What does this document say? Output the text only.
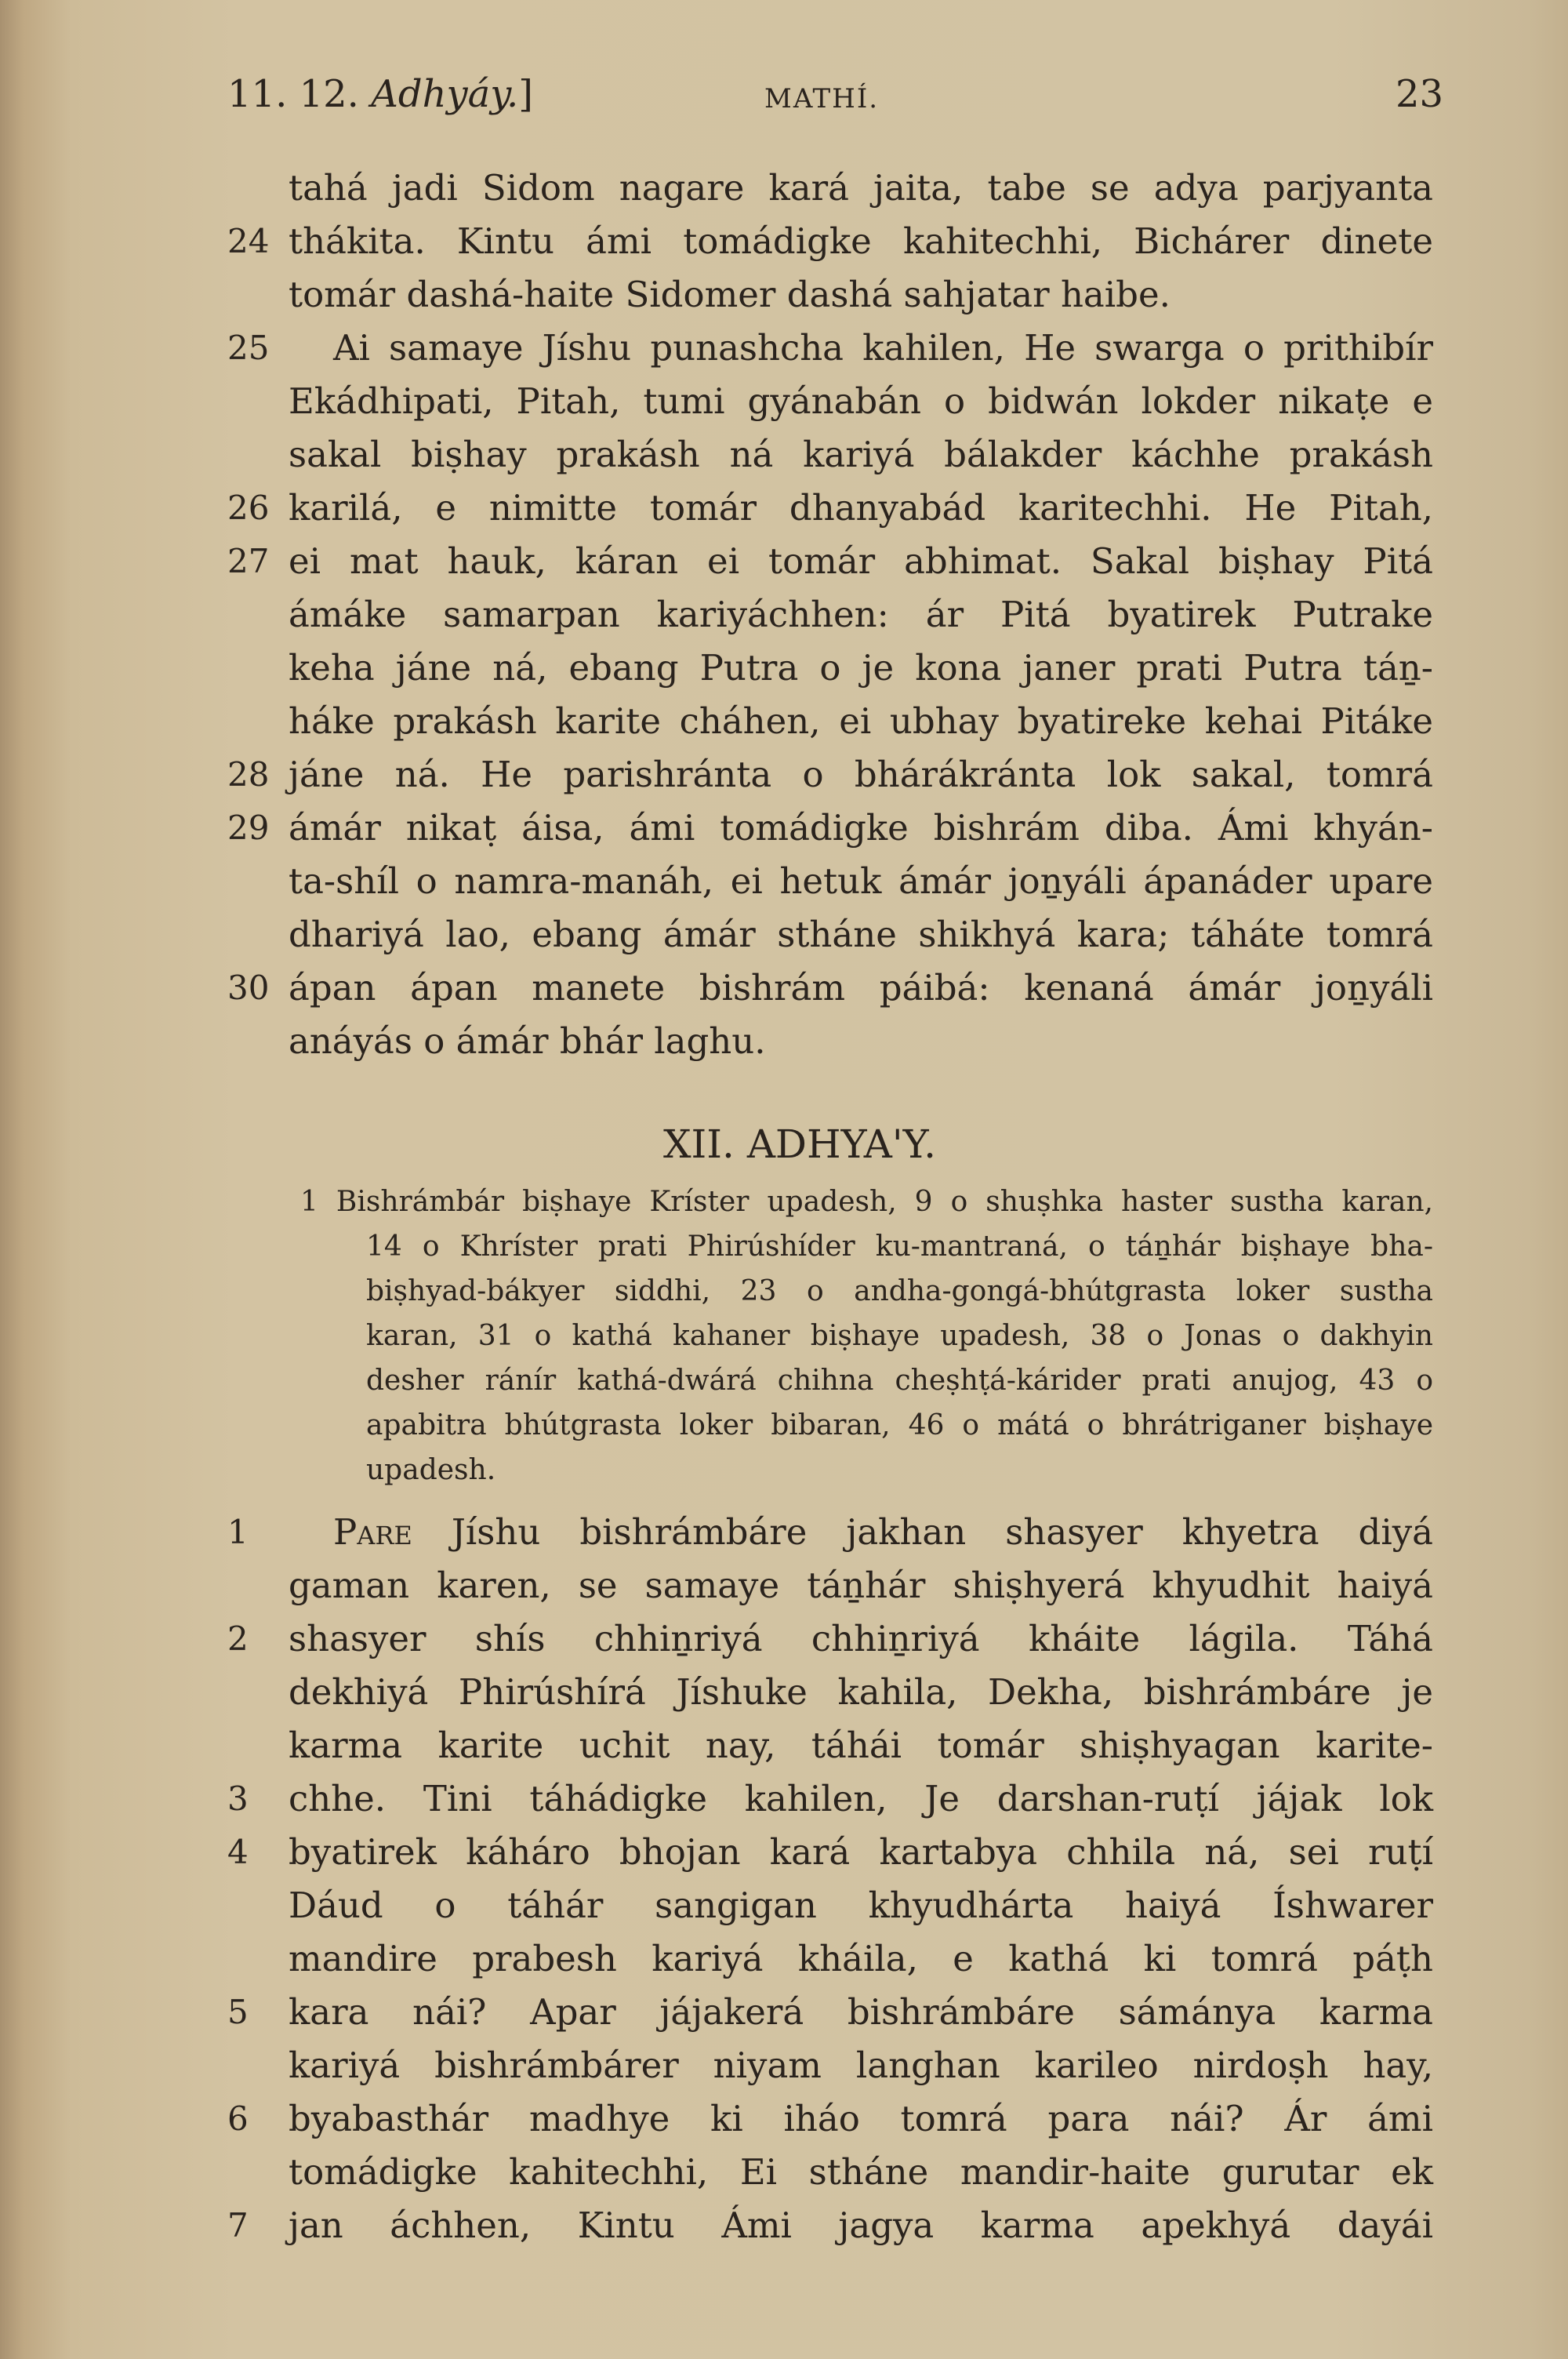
11. 12. Adhyáy.]	MATHÍ.	23
tahá jadi Sidom nagare kará jaita, tabe se adya parjyanta
24 thákita. Kintu ámi tomádigke kahitechhi, Bichárer dinete
tomár dashá-haite Sidomer dashá sahjatar haibe.
25	Ai samaye Jíshu punashcha kahilen, He swarga o prithibír
Ekádhipati, Pitah, tumi gyánabán o bidwán lokder nikaṭe e
sakal biṣhay prakásh ná kariyá bálakder káchhe prakásh
26 karilá, e nimitte tomár dhanyabád karitechhi. He Pitah,
27 ei mat hauk, káran ei tomár abhimat. Sakal biṣhay Pitá
ámáke samarpan kariyáchhen: ár Pitá byatirek Putrake
keha jáne ná, ebang Putra o je kona janer prati Putra táṉ-
háke prakásh karite cháhen, ei ubhay byatireke kehai Pitáke
28 jáne ná. He parishránta o bhárákránta lok sakal, tomrá
29 ámár nikaṭ áisa, ámi tomádigke bishrám diba. Ámi khyán-
ta-shíl o namra-manáh, ei hetuk ámár joṉyáli ápanáder upare
dhariyá lao, ebang ámár stháne shikhyá kara; táháte tomrá
30 ápan ápan manete bishrám páibá: kenaná ámár joṉyáli
anáyás o ámár bhár laghu.
XII. ADHYA'Y.
1 Bishrámbár biṣhaye Kríster upadesh, 9 o shuṣhka haster sustha karan,
14 o Khríster prati Phirúshíder ku-mantraná, o táṉhár biṣhaye bha-
biṣhyad-bákyer siddhi, 23 o andha-gongá-bhútgrasta loker sustha
karan, 31 o kathá kahaner biṣhaye upadesh, 38 o Jonas o dakhyin
desher ránír kathá-dwárá chihna cheṣhṭá-kárider prati anujog, 43 o
apabitra bhútgrasta loker bibaran, 46 o mátá o bhrátriganer biṣhaye
upadesh.
1	Pare Jíshu bishrámbáre jakhan shasyer khyetra diyá
gaman karen, se samaye táṉhár shiṣhyerá khyudhit haiyá
2	shasyer shís chhiṉriyá chhiṉriyá kháite lágila. Táhá
dekhiyá Phirúshírá Jíshuke kahila, Dekha, bishrámbáre je
karma karite uchit nay, táhái tomár shiṣhyagan karite-
3	chhe. Tini táhádigke kahilen, Je darshan-ruṭí jájak lok
4	byatirek káháro bhojan kará kartabya chhila ná, sei ruṭí
Dáud o táhár sangigan khyudhárta haiyá Íshwarer
mandire prabesh kariyá kháila, e kathá ki tomrá páṭh
5	kara nái? Apar jájakerá bishrámbáre sámánya karma
kariyá bishrámbárer niyam langhan karileo nirdoṣh hay,
6	byabasthár madhye ki iháo tomrá para nái? Ár ámi
tomádigke kahitechhi, Ei stháne mandir-haite gurutar ek
7	jan áchhen, Kintu Ámi jagya karma apekhyá dayái
